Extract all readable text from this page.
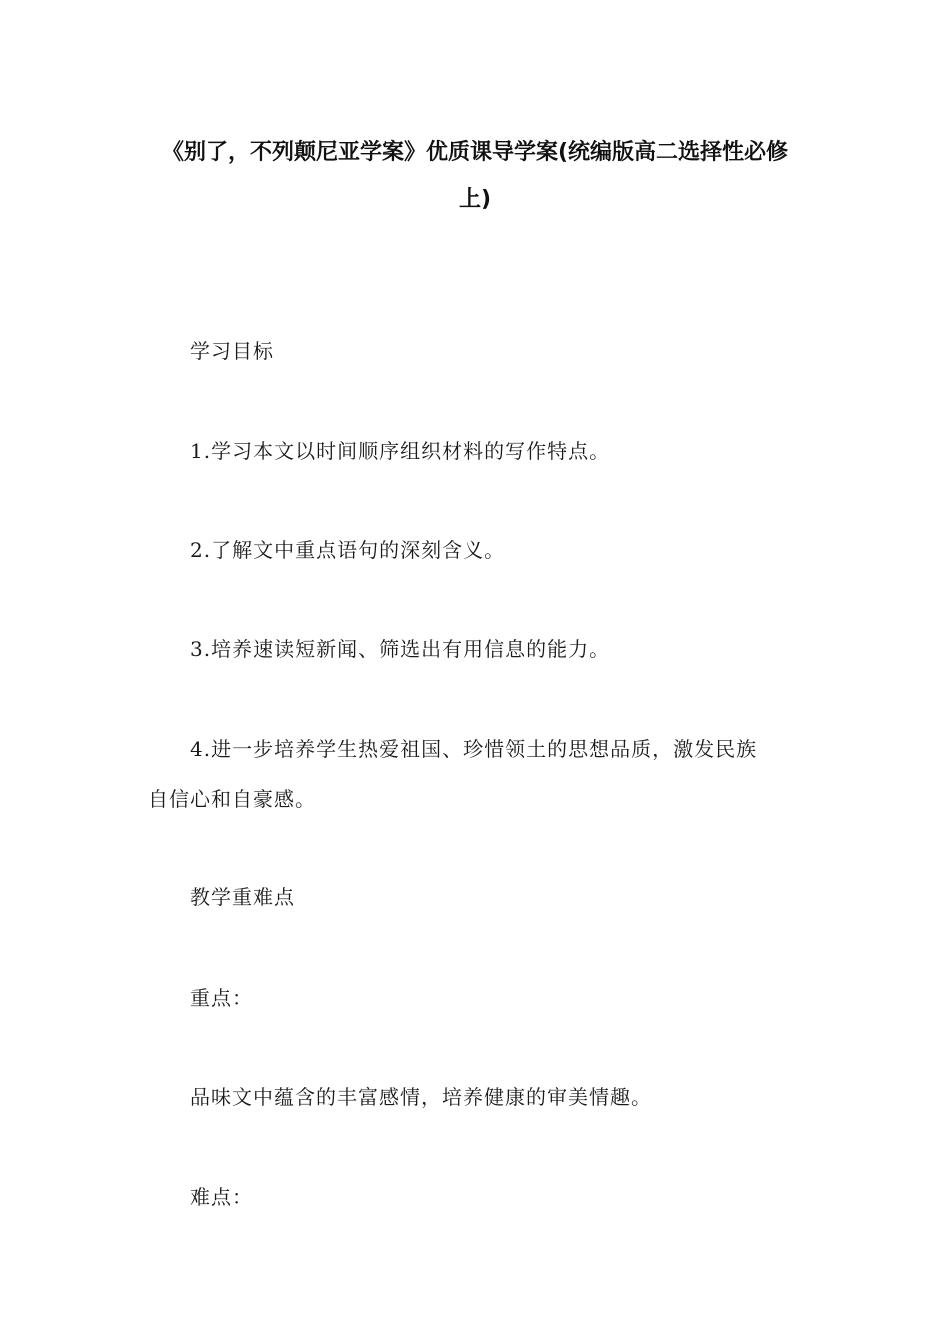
《别了，不列颠尼亚学案》优质课导学案(统编版高二选择性必修
上)
学习目标
1.学习本文以时间顺序组织材料的写作特点。
2.了解文中重点语句的深刻含义。
3.培养速读短新闻、筛选出有用信息的能力。
4.进一步培养学生热爱祖国、珍惜领土的思想品质，激发民族
自信心和自豪感。
教学重难点
重点：
品味文中蕴含的丰富感情，培养健康的审美情趣。
难点：
